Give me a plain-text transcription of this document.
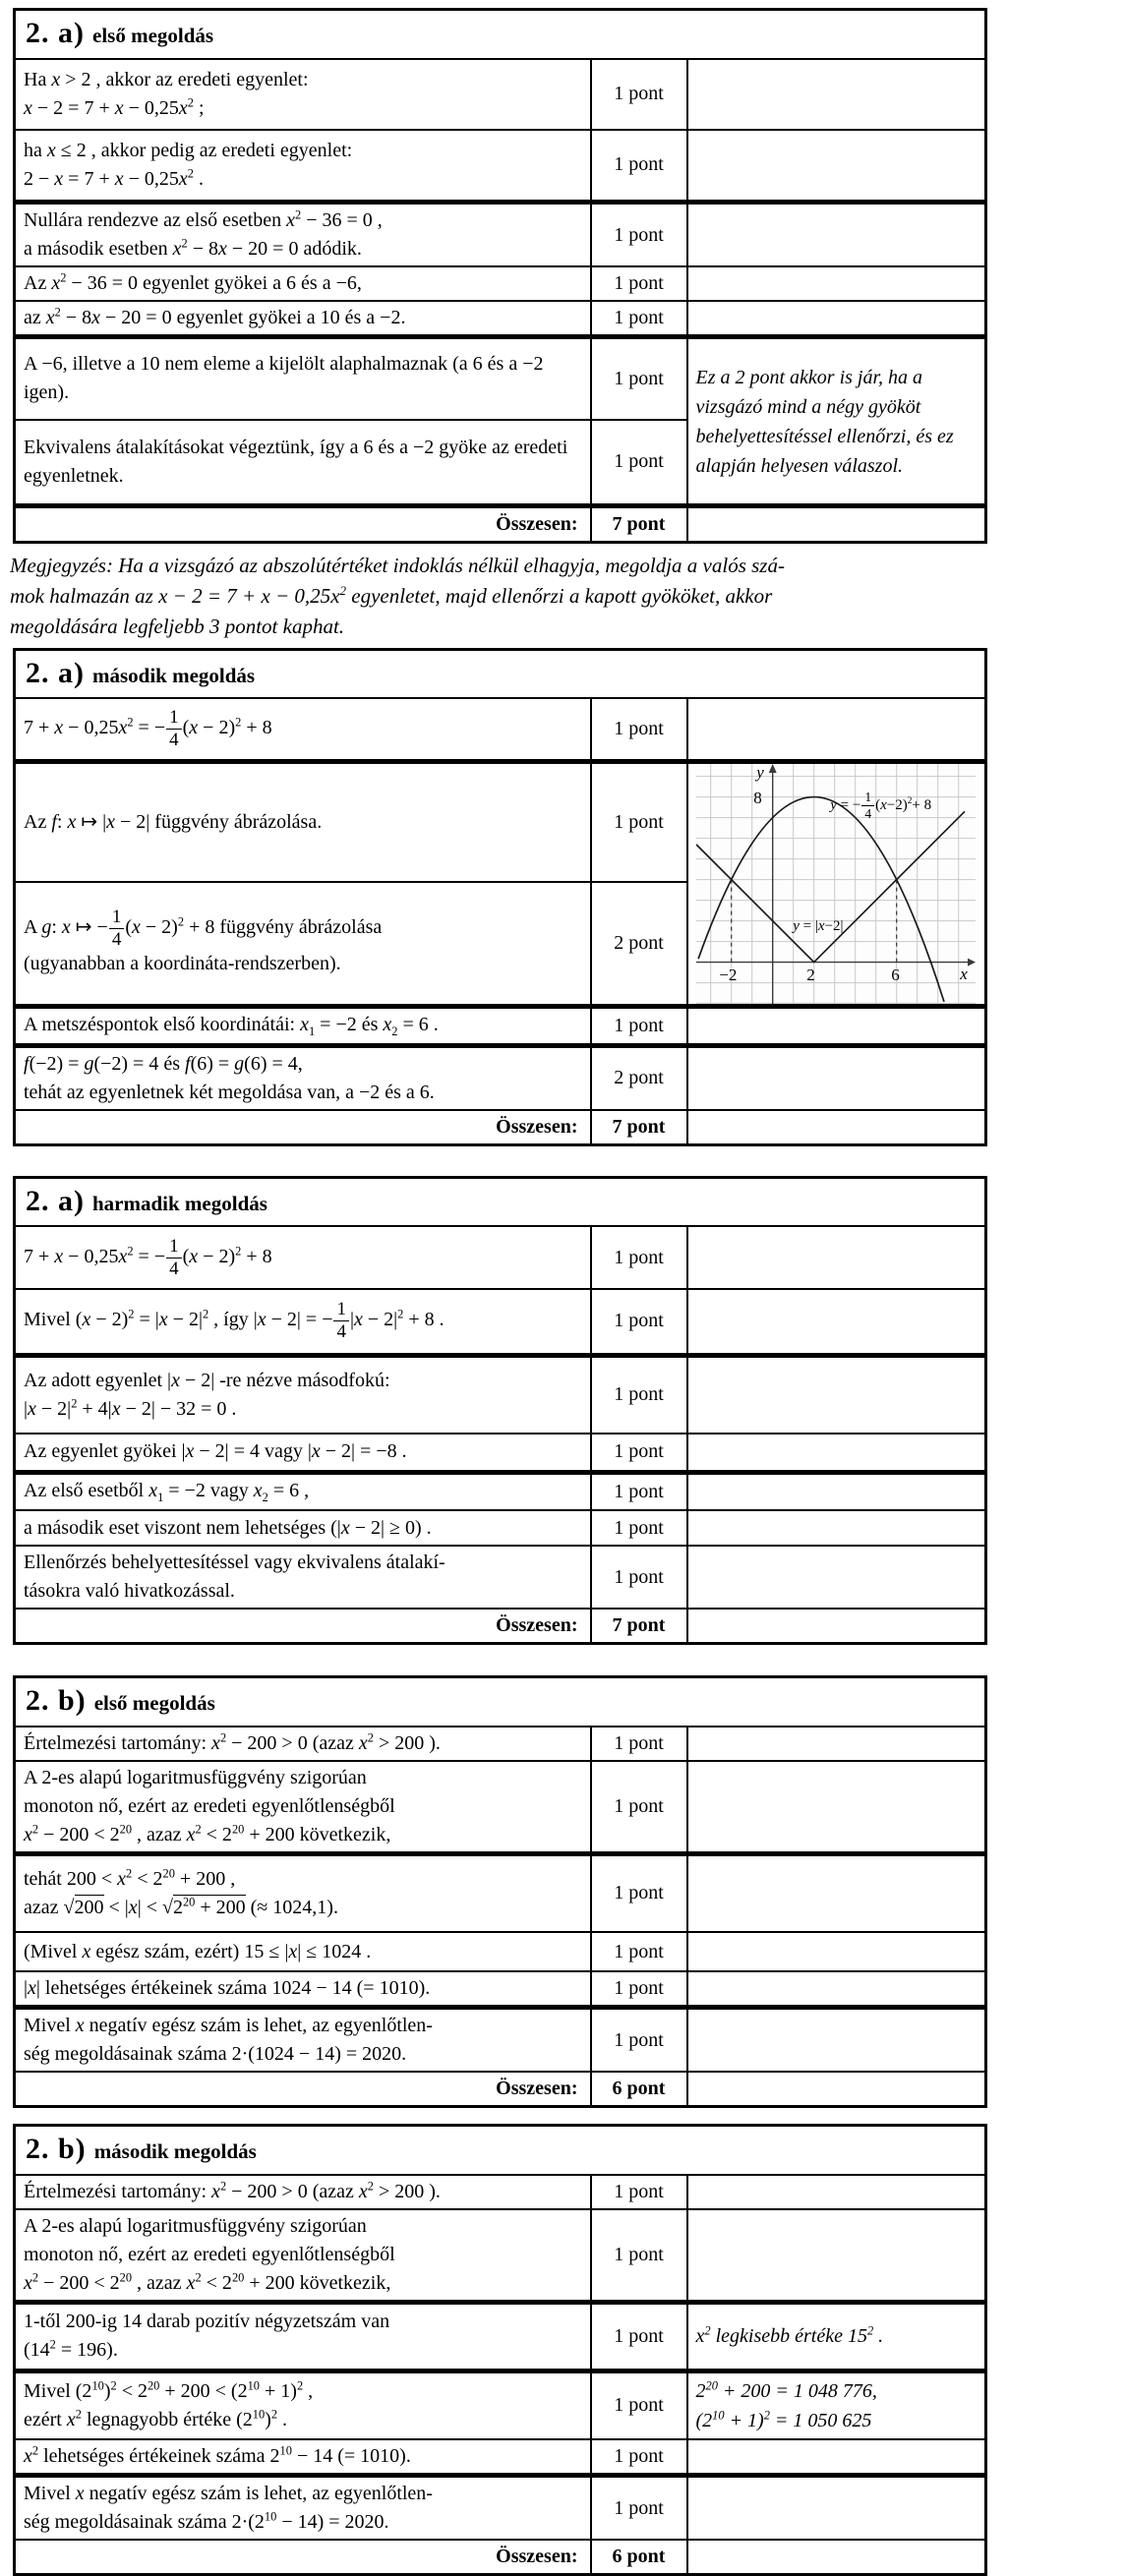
2. a) első megoldás		
Ha x > 2 , akkor az eredeti egyenlet:
$x - 2 = 7 + x - 0,25x^2$ ;	1 pont	
ha x ≤ 2 , akkor pedig az eredeti egyenlet:
$2 - x = 7 + x - 0,25x^2$ .	1 pont	
Nullára rendezve az első esetben $x^2 - 36 = 0$ ,
a második esetben $x^2 - 8x - 20 = 0$ adódik.	1 pont	
Az $x^2 - 36 = 0$ egyenlet gyökei a 6 és a −6,	1 pont	
az $x^2 - 8x - 20 = 0$ egyenlet gyökei a 10 és a −2.	1 pont	
A −6, illetve a 10 nem eleme a kijelölt alaphalmaznak (a 6 és a −2 igen).	1 pont	Ez a 2 pont akkor is jár, ha a vizsgázó mind a négy gyököt behelyettesítéssel ellenőrzi, és ez alapján helyesen válaszol.
Ekvivalens átalakításokat végeztünk, így a 6 és a −2 gyöke az eredeti egyenletnek.	1 pont	
Összesen:	7 pont	
Megjegyzés: Ha a vizsgázó az abszolútértéket indoklás nélkül elhagyja, megoldja a valós szá-
mok halmazán az $x - 2 = 7 + x - 0,25x^2$ egyenletet, majd ellenőrzi a kapott gyököket, akkor
megoldására legfeljebb 3 pontot kaphat.
2. a) második megoldás		
$7 + x - 0,25x^2$ = − $\frac{1}{4} (x - 2)^2 + 8$	1 pont	
Az f: x ↦ |x − 2| függvény ábrázolása.	1 pont	
y
8
x
−2	2	6
y = − $\frac{1}{4} (x-2)^2+ 8$
y = |x−2|

A g: x ↦ − $\frac{1}{4} (x - 2)^2 + 8$ függvény ábrázolása
(ugyanabban a koordináta-rendszerben).	2 pont	
A metszéspontok első koordinátái: $x_1 = -2$ és $x_2 = 6$ .	1 pont	
f(−2) = g(−2) = 4 és f(6) = g(6) = 4,
tehát az egyenletnek két megoldása van, a −2 és a 6.	2 pont	
Összesen:	7 pont	
2. a) harmadik megoldás		
$7 + x - 0,25x^2$ = − $\frac{1}{4} (x - 2)^2 + 8$	1 pont	
Mivel $(x - 2)^2 = |x - 2|^2$ , így |x − 2| = − $\frac{1}{4} |x - 2|^2 + 8$ .	1 pont	
Az adott egyenlet |x − 2| -re nézve másodfokú:
$|x - 2|^2 + 4|x - 2| - 32 = 0$ .	1 pont	
Az egyenlet gyökei |x − 2| = 4 vagy |x − 2| = −8 .	1 pont	
Az első esetből $x_1 = -2$ vagy $x_2 = 6$ ,	1 pont	
a második eset viszont nem lehetséges (|x − 2| ≥ 0) .	1 pont	
Ellenőrzés behelyettesítéssel vagy ekvivalens átalakí-
tásokra való hivatkozással.	1 pont	
Összesen:	7 pont	
2. b) első megoldás		
Értelmezési tartomány: $x^2 - 200 > 0$ (azaz $x^2 > 200$ ).	1 pont	
A 2-es alapú logaritmusfüggvény szigorúan
monoton nő, ezért az eredeti egyenlőtlenségből
$x^2 - 200 < 2^{20}$ , azaz $x^2 < 2^{20} + 200$ következik,	1 pont	
tehát $200 < x^2 < 2^{20} + 200$ ,
azaz $√200 < |x| < √2^{20} + 200$ (≈ 1024,1).	1 pont	
(Mivel x egész szám, ezért) 15 ≤ |x| ≤ 1024 .	1 pont	
|x| lehetséges értékeinek száma 1024 − 14 (= 1010).	1 pont	
Mivel x negatív egész szám is lehet, az egyenlőtlen-
ség megoldásainak száma 2·(1024 − 14) = 2020.	1 pont	
Összesen:	6 pont	
2. b) második megoldás		
Értelmezési tartomány: $x^2 - 200 > 0$ (azaz $x^2 > 200$ ).	1 pont	
A 2-es alapú logaritmusfüggvény szigorúan
monoton nő, ezért az eredeti egyenlőtlenségből
$x^2 - 200 < 2^{20}$ , azaz $x^2 < 2^{20} + 200$ következik,	1 pont	
1-től 200-ig 14 darab pozitív négyzetszám van
$(14^2 = 196)$.	1 pont	$x^2$ legkisebb értéke $15^2$ .
Mivel $(2^{10})^2 < 2^{20} + 200 < (2^{10} + 1)^2$ ,
ezért $x^2$ legnagyobb értéke $(2^{10})^2$ .	1 pont	$2^{20} + 200 = 1$ 048 776,
$(2^{10} + 1)^2 = 1$ 050 625
$x^2$ lehetséges értékeinek száma $2^{10} - 14$ (= 1010).	1 pont	
Mivel x negatív egész szám is lehet, az egyenlőtlen-
ség megoldásainak száma $2\cdot(2^{10} - 14) = 2020$.	1 pont	
Összesen:	6 pont	
